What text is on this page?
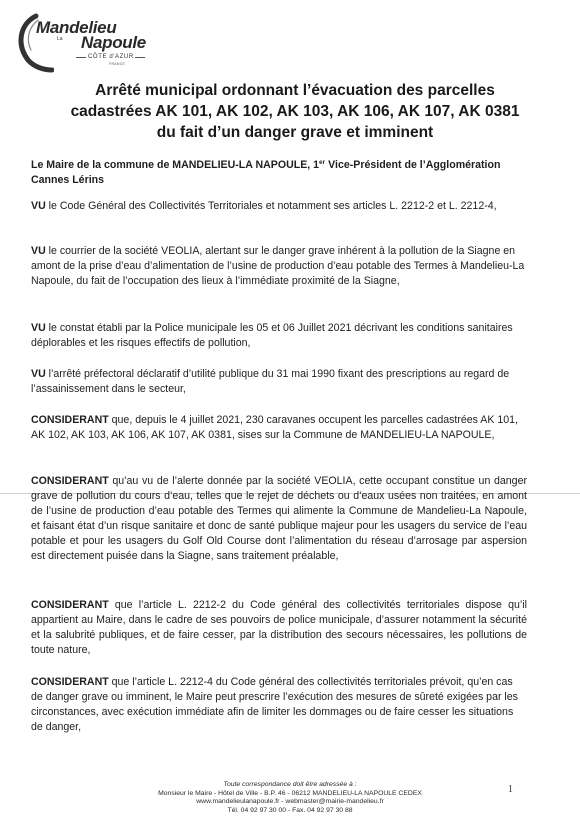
Mandelieu
La Napoule
CÔTE d'AZUR
FRANCE
Arrêté municipal ordonnant l’évacuation des parcelles
cadastrées AK 101, AK 102, AK 103, AK 106, AK 107, AK 0381
du fait d’un danger grave et imminent

Le Maire de la commune de MANDELIEU-LA NAPOULE, 1er Vice-Président de l’Agglomération Cannes Lérins

VU le Code Général des Collectivités Territoriales et notamment ses articles L. 2212-2 et L. 2212-4,

VU le courrier de la société VEOLIA, alertant sur le danger grave inhérent à la pollution de la Siagne en amont de la prise d’eau d’alimentation de l’usine de production d’eau potable des Termes à Mandelieu-La Napoule, du fait de l’occupation des lieux à l’immédiate proximité de la Siagne,

VU le constat établi par la Police municipale les 05 et 06 Juillet 2021 décrivant les conditions sanitaires déplorables et les risques effectifs de pollution,

VU l’arrêté préfectoral déclaratif d’utilité publique du 31 mai 1990 fixant des prescriptions au regard de l’assainissement dans le secteur,

CONSIDERANT que, depuis le 4 juillet 2021, 230 caravanes occupent les parcelles cadastrées AK 101, AK 102, AK 103, AK 106, AK 107, AK 0381, sises sur la Commune de MANDELIEU-LA NAPOULE,

CONSIDERANT qu’au vu de l’alerte donnée par la société VEOLIA, cette occupant constitue un danger grave de pollution du cours d’eau, telles que le rejet de déchets ou d’eaux usées non traitées, en amont de l’usine de production d’eau potable des Termes qui alimente la Commune de Mandelieu-La Napoule, et faisant état d’un risque sanitaire et donc de santé publique majeur pour les usagers du service de l’eau potable et pour les usagers du Golf Old Course dont l’alimentation du réseau d’arrosage par aspersion est directement puisée dans la Siagne, sans traitement préalable,

CONSIDERANT que l’article L. 2212-2 du Code général des collectivités territoriales dispose qu’il appartient au Maire, dans le cadre de ses pouvoirs de police municipale, d’assurer notamment la sécurité et la salubrité publiques, et de faire cesser, par la distribution des secours nécessaires, les pollutions de toute nature,

CONSIDERANT que l’article L. 2212-4 du Code général des collectivités territoriales prévoit, qu’en cas de danger grave ou imminent, le Maire peut prescrire l’exécution des mesures de sûreté exigées par les circonstances, avec exécution immédiate afin de limiter les dommages ou de faire cesser les situations de danger,

Toute correspondance doit être adressée à :
Monsieur le Maire - Hôtel de Ville - B.P. 46 - 06212 MANDELIEU-LA NAPOULE CEDEX
www.mandelieulanapoule.fr - webmaster@mairie-mandelieu.fr
Tél. 04 92 97 30 00 - Fax. 04 92 97 30 88
1
